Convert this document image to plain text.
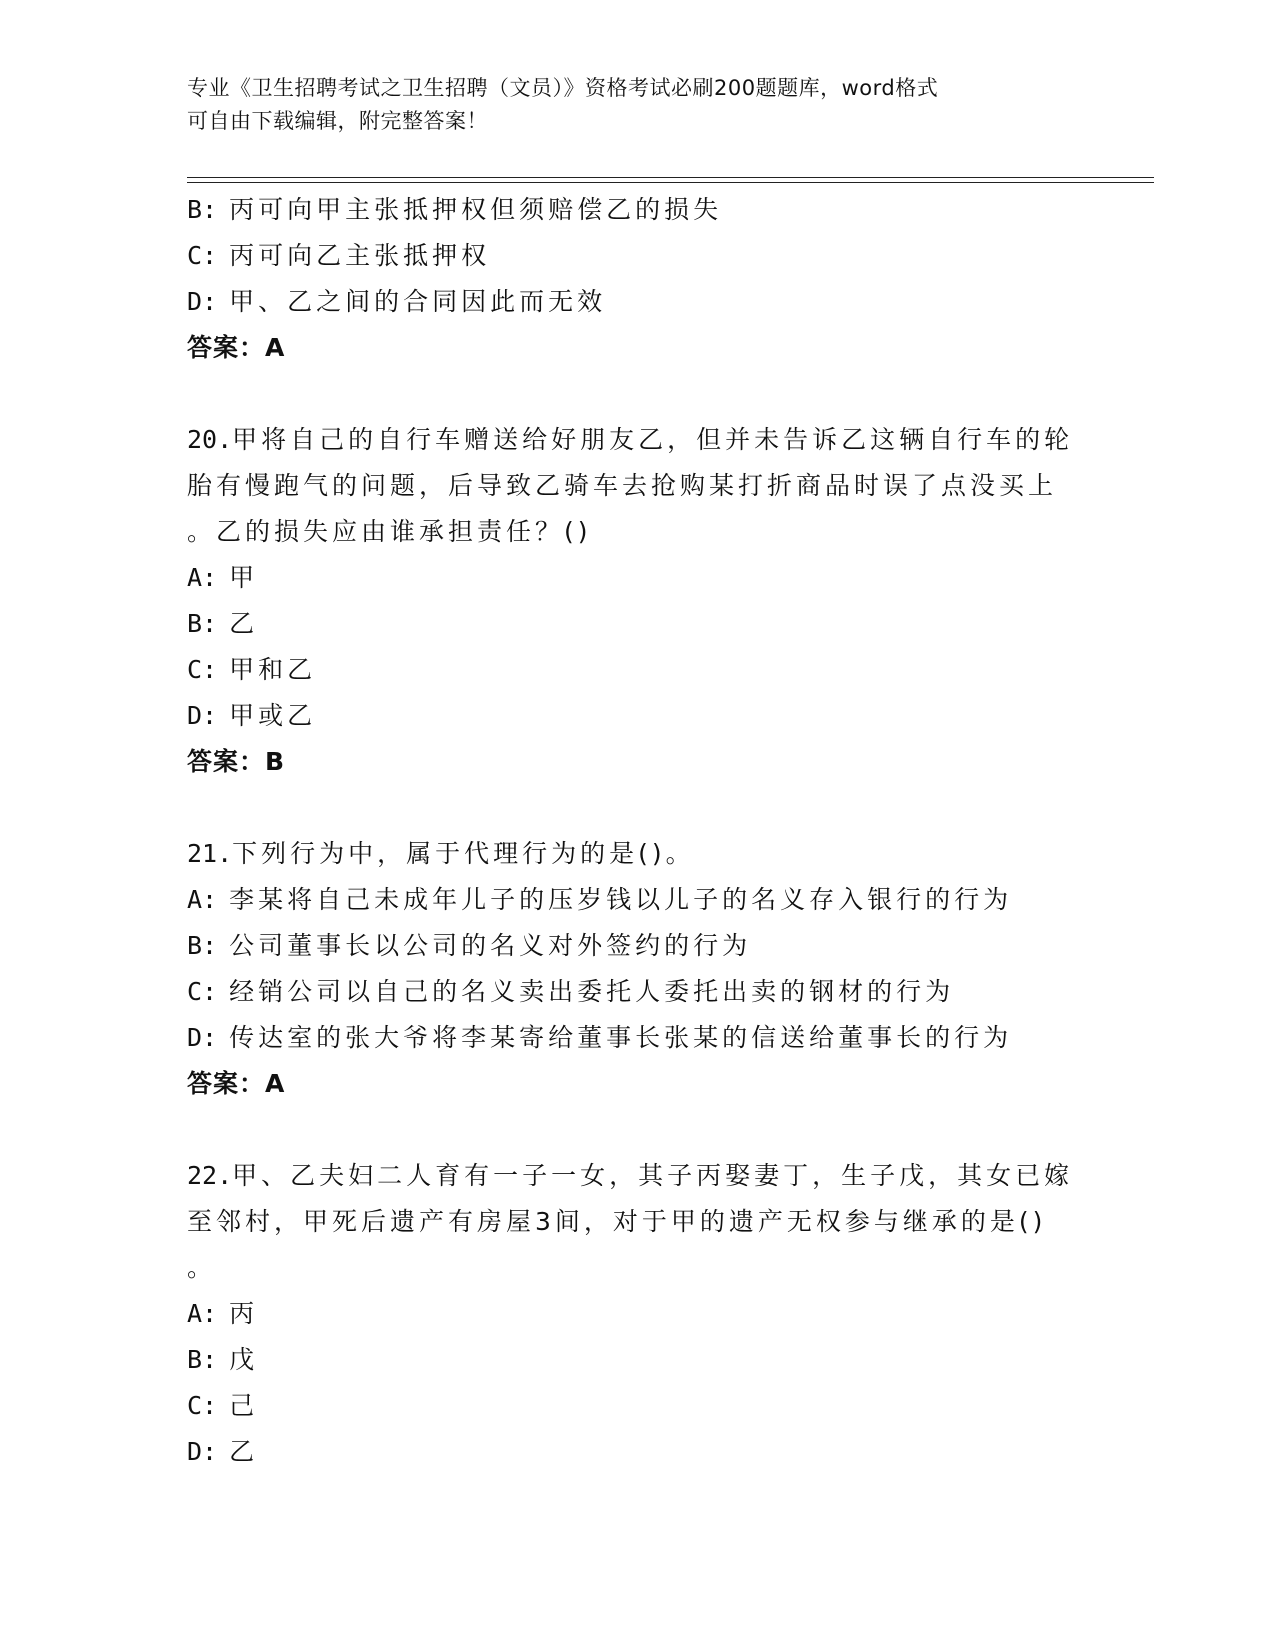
专业《卫生招聘考试之卫生招聘（文员）》资格考试必刷200题题库，word格式
可自由下载编辑，附完整答案！
B: 丙可向甲主张抵押权但须赔偿乙的损失
C: 丙可向乙主张抵押权
D: 甲、乙之间的合同因此而无效
答案：A
20.甲将自己的自行车赠送给好朋友乙，但并未告诉乙这辆自行车的轮
胎有慢跑气的问题，后导致乙骑车去抢购某打折商品时误了点没买上
。乙的损失应由谁承担责任？()
A: 甲
B: 乙
C: 甲和乙
D: 甲或乙
答案：B
21.下列行为中，属于代理行为的是()。
A: 李某将自己未成年儿子的压岁钱以儿子的名义存入银行的行为
B: 公司董事长以公司的名义对外签约的行为
C: 经销公司以自己的名义卖出委托人委托出卖的钢材的行为
D: 传达室的张大爷将李某寄给董事长张某的信送给董事长的行为
答案：A
22.甲、乙夫妇二人育有一子一女，其子丙娶妻丁，生子戊，其女已嫁
至邻村，甲死后遗产有房屋3间，对于甲的遗产无权参与继承的是()
。
A: 丙
B: 戊
C: 己
D: 乙
